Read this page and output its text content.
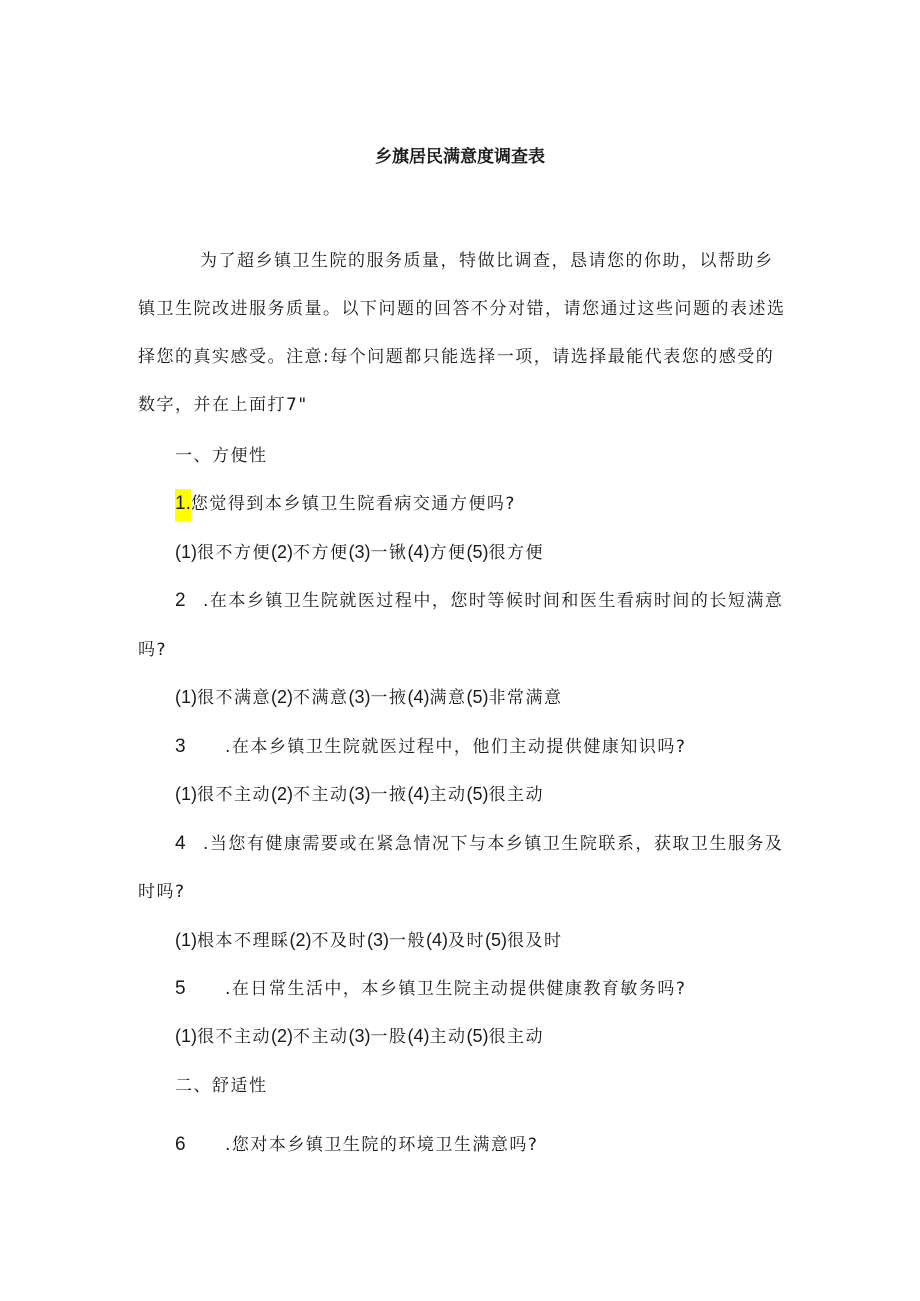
乡旗居民满意度调查表
为了超乡镇卫生院的服务质量，特做比调查，恳请您的你助，以帮助乡
镇卫生院改进服务质量。以下问题的回答不分对错，请您通过这些问题的表述选
择您的真实感受。注意:每个问题都只能选择一项，请选择最能代表您的感受的
数字，并在上面打7"
一、方便性
1.您觉得到本乡镇卫生院看病交通方便吗?
(1)很不方便(2)不方便(3)一锹(4)方便(5)很方便
2 .在本乡镇卫生院就医过程中，您时等候时间和医生看病时间的长短满意
吗?
(1)很不满意(2)不满意(3)一掖(4)满意(5)非常满意
3 .在本乡镇卫生院就医过程中，他们主动提供健康知识吗?
(1)很不主动(2)不主动(3)一掖(4)主动(5)很主动
4 .当您有健康需要或在紧急情况下与本乡镇卫生院联系，获取卫生服务及
时吗?
(1)根本不理睬(2)不及时(3)一般(4)及时(5)很及时
5 .在日常生活中，本乡镇卫生院主动提供健康教育敏务吗?
(1)很不主动(2)不主动(3)一股(4)主动(5)很主动
二、舒适性
6 .您对本乡镇卫生院的环境卫生满意吗?
